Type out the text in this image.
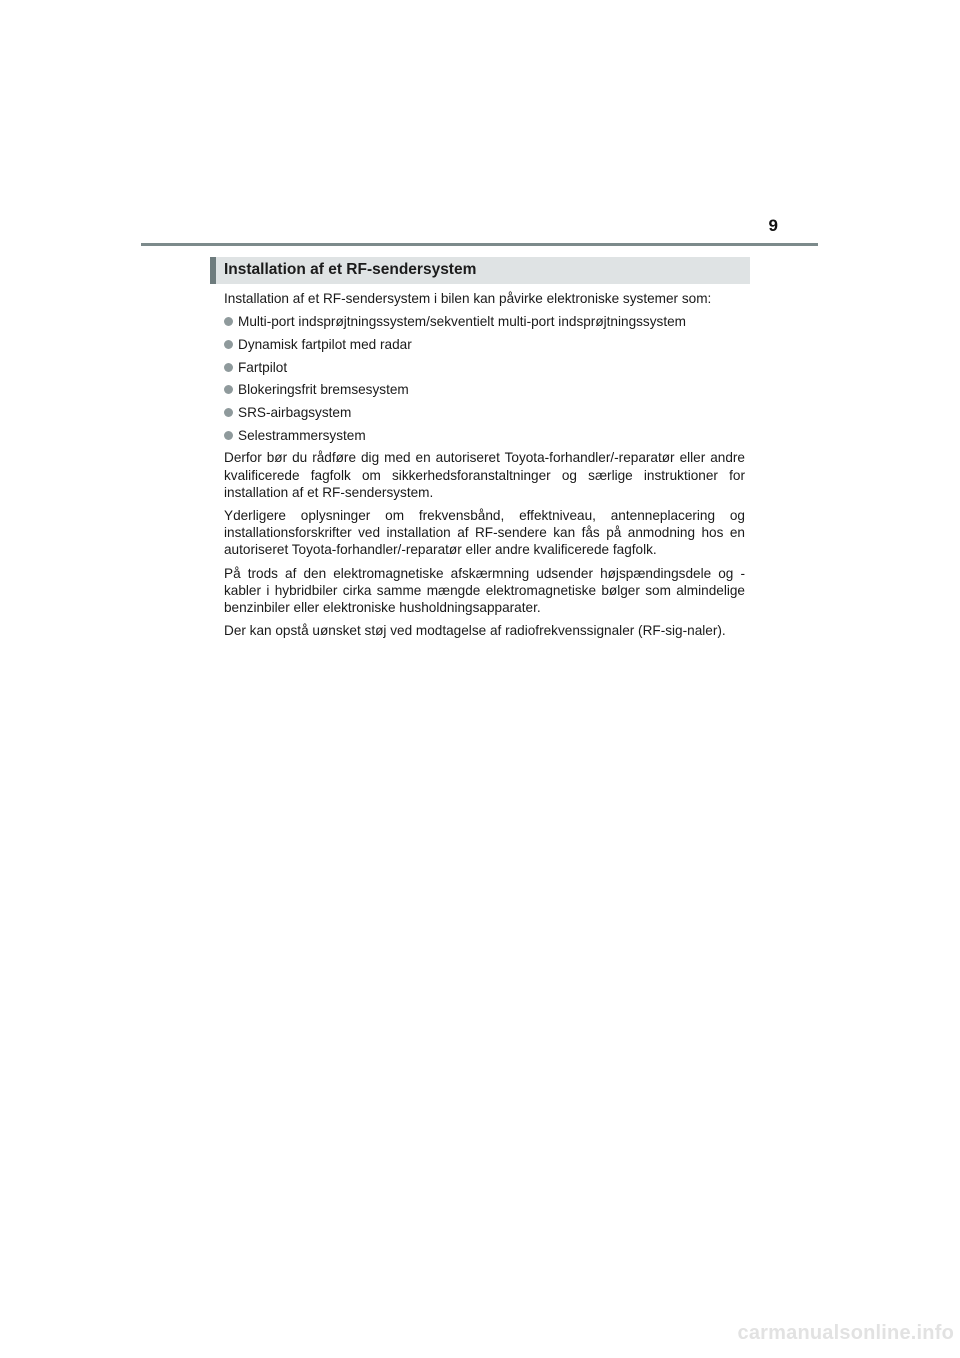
9
Installation af et RF-sendersystem

Installation af et RF-sendersystem i bilen kan påvirke elektroniske systemer som:

Multi-port indsprøjtningssystem/sekventielt multi-port indsprøjtningssystem
Dynamisk fartpilot med radar
Fartpilot
Blokeringsfrit bremsesystem
SRS-airbagsystem
Selestrammersystem

Derfor bør du rådføre dig med en autoriseret Toyota-forhandler/-reparatør eller andre kvalificerede fagfolk om sikkerhedsforanstaltninger og særlige instruktioner for installation af et RF-sendersystem.

Yderligere oplysninger om frekvensbånd, effektniveau, antenneplacering og installationsforskrifter ved installation af RF-sendere kan fås på anmodning hos en autoriseret Toyota-forhandler/-reparatør eller andre kvalificerede fagfolk.

På trods af den elektromagnetiske afskærmning udsender højspændingsdele og -kabler i hybridbiler cirka samme mængde elektromagnetiske bølger som almindelige benzinbiler eller elektroniske husholdningsapparater.

Der kan opstå uønsket støj ved modtagelse af radiofrekvenssignaler (RF-sig-naler).

carmanualsonline.info
